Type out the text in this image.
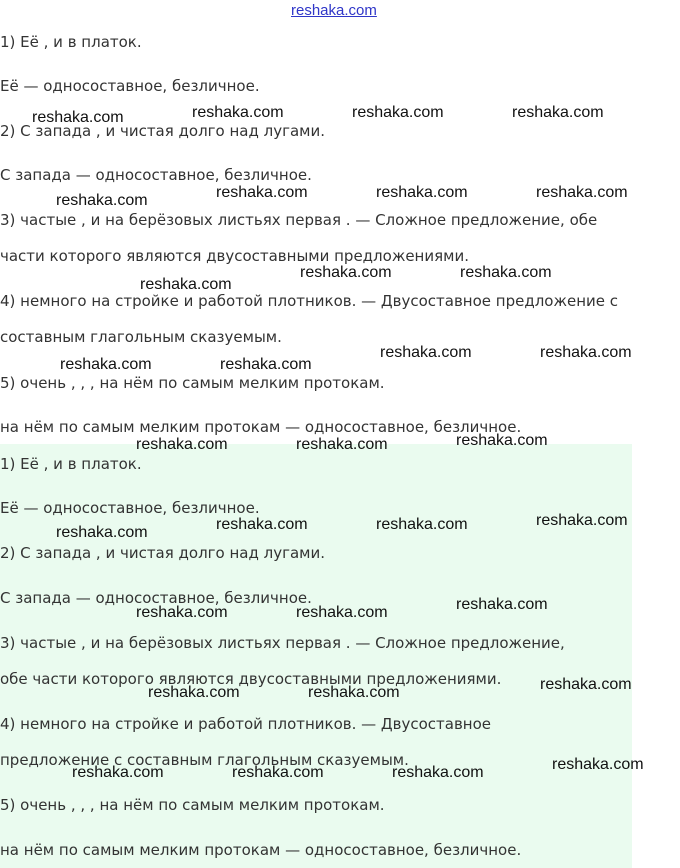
reshaka.com
1) Её , и в платок.
Её — односоставное, безличное.
2) С запада , и чистая долго над лугами.
С запада — односоставное, безличное.
3) частые , и на берёзовых листьях первая . — Сложное предложение, обе
части которого являются двусоставными предложениями.
4) немного на стройке и работой плотников. — Двусоставное предложение с
составным глагольным сказуемым.
5) очень , , , на нём по самым мелким протокам.
на нём по самым мелким протокам — односоставное, безличное.
1) Её , и в платок.
Её — односоставное, безличное.
2) С запада , и чистая долго над лугами.
С запада — односоставное, безличное.
3) частые , и на берёзовых листьях первая . — Сложное предложение,
обе части которого являются двусоставными предложениями.
4) немного на стройке и работой плотников. — Двусоставное
предложение с составным глагольным сказуемым.
5) очень , , , на нём по самым мелким протокам.
на нём по самым мелким протокам — односоставное, безличное.
reshaka.com	reshaka.com	reshaka.com	reshaka.com
reshaka.com	reshaka.com	reshaka.com	reshaka.com
reshaka.com
reshaka.com	reshaka.com
reshaka.com	reshaka.com
reshaka.com	reshaka.com
reshaka.com	reshaka.com	reshaka.com
reshaka.com	reshaka.com	reshaka.com	reshaka.com
reshaka.com	reshaka.com	reshaka.com
reshaka.com	reshaka.com	reshaka.com
reshaka.com	reshaka.com	reshaka.com	reshaka.com
